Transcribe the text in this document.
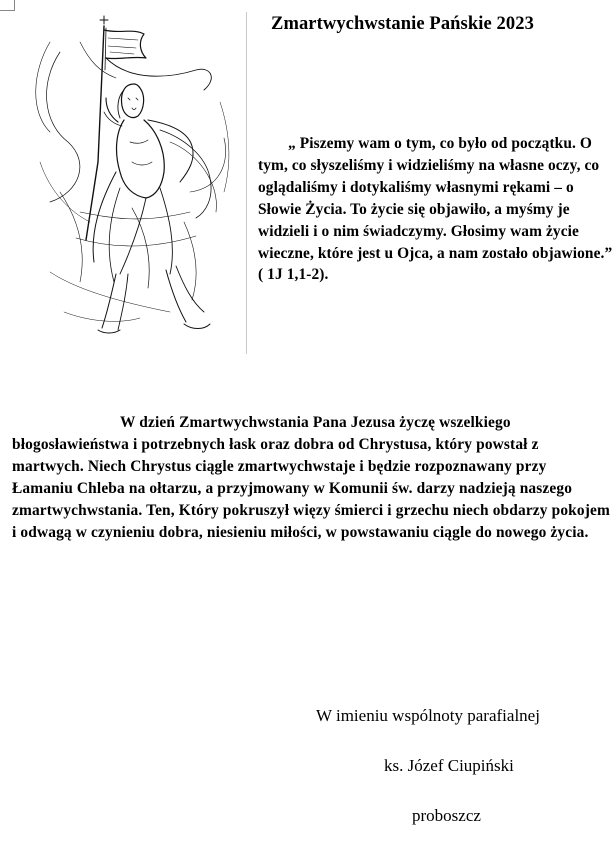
Zmartwychwstanie Pańskie 2023
„ Piszemy wam o tym, co było od początku. O tym, co słyszeliśmy i widzieliśmy na własne oczy, co oglądaliśmy i dotykaliśmy własnymi rękami – o Słowie Życia. To życie się objawiło, a myśmy je widzieli i o nim świadczymy. Głosimy wam życie wieczne, które jest u Ojca, a nam zostało objawione.” ( 1J 1,1-2).
W dzień Zmartwychwstania Pana Jezusa życzę wszelkiego błogosławieństwa i potrzebnych łask oraz dobra od Chrystusa, który powstał z martwych. Niech Chrystus ciągle zmartwychwstaje i będzie rozpoznawany przy Łamaniu Chleba na ołtarzu, a przyjmowany w Komunii św. darzy nadzieją naszego zmartwychwstania. Ten, Który pokruszył więzy śmierci i grzechu niech obdarzy pokojem i odwagą w czynieniu dobra, niesieniu miłości, w powstawaniu ciągle do nowego życia.
W imieniu wspólnoty parafialnej
ks. Józef Ciupiński
proboszcz
